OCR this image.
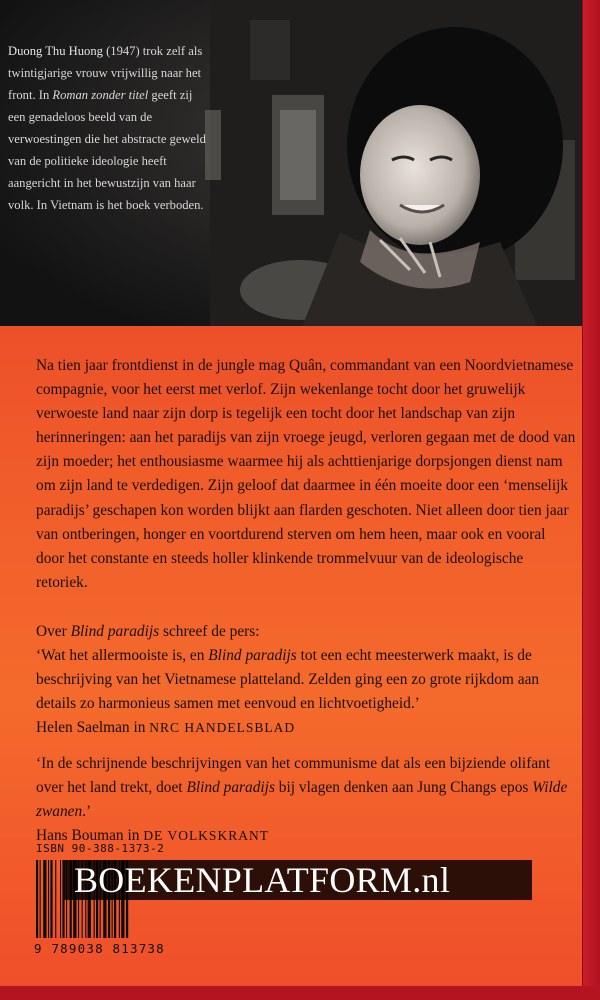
Duong Thu Huong (1947) trok zelf als twintigjarige vrouw vrijwillig naar het front. In Roman zonder titel geeft zij een genadeloos beeld van de verwoestingen die het abstracte geweld van de politieke ideologie heeft aangericht in het bewustzijn van haar volk. In Vietnam is het boek verboden.
Na tien jaar frontdienst in de jungle mag Quân, commandant van een Noordvietnamese compagnie, voor het eerst met verlof. Zijn wekenlange tocht door het gruwelijk verwoeste land naar zijn dorp is tegelijk een tocht door het landschap van zijn herinneringen: aan het paradijs van zijn vroege jeugd, verloren gegaan met de dood van zijn moeder; het enthousiasme waarmee hij als achttienjarige dorpsjongen dienst nam om zijn land te verdedigen. Zijn geloof dat daarmee in één moeite door een ‘menselijk paradijs’ geschapen kon worden blijkt aan flarden geschoten. Niet alleen door tien jaar van ontberingen, honger en voortdurend sterven om hem heen, maar ook en vooral door het constante en steeds holler klinkende trommelvuur van de ideologische retoriek.

Over Blind paradijs schreef de pers:

‘Wat het allermooiste is, en Blind paradijs tot een echt meesterwerk maakt, is de beschrijving van het Vietnamese platteland. Zelden ging een zo grote rijkdom aan details zo harmonieus samen met eenvoud en lichtvoetigheid.’

Helen Saelman in NRC HANDELSBLAD

‘In de schrijnende beschrijvingen van het communisme dat als een bijziende olifant over het land trekt, doet Blind paradijs bij vlagen denken aan Jung Changs epos Wilde zwanen.’

Hans Bouman in DE VOLKSKRANT

ISBN 90-388-1373-2
9 789038 813738
BOEKENPLATFORM.nl
